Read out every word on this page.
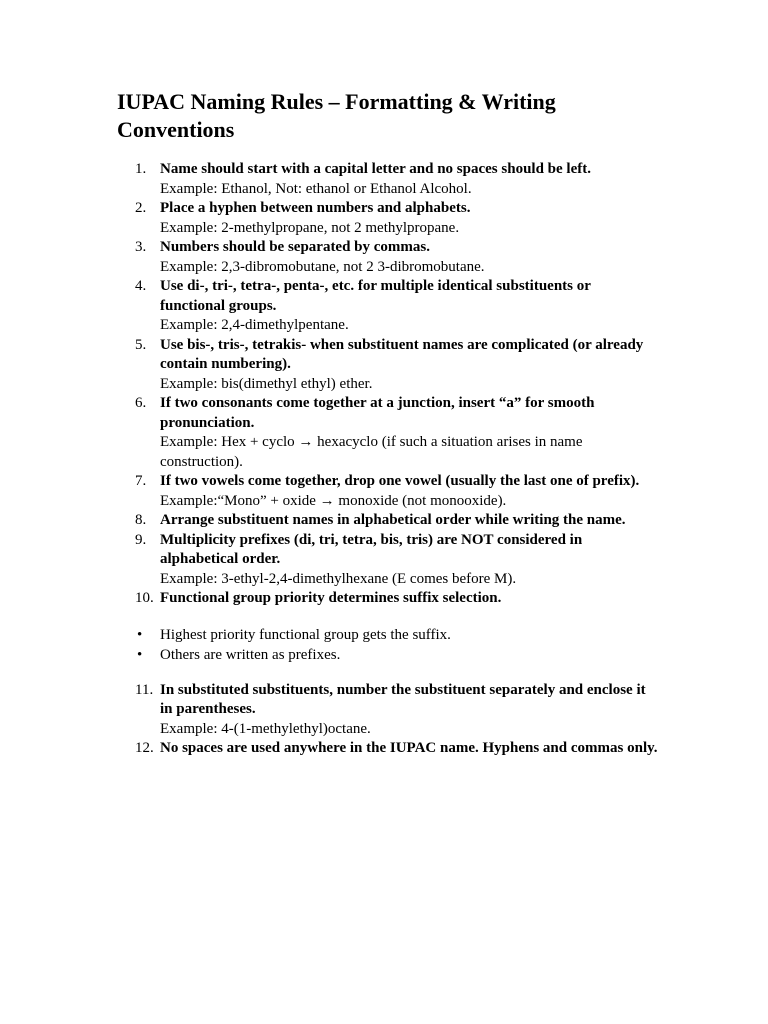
IUPAC Naming Rules – Formatting & Writing Conventions
1. Name should start with a capital letter and no spaces should be left.
Example: Ethanol, Not: ethanol or Ethanol Alcohol.
2. Place a hyphen between numbers and alphabets.
Example: 2-methylpropane, not 2 methylpropane.
3. Numbers should be separated by commas.
Example: 2,3-dibromobutane, not 2 3-dibromobutane.
4. Use di-, tri-, tetra-, penta-, etc. for multiple identical substituents or functional groups.
Example: 2,4-dimethylpentane.
5. Use bis-, tris-, tetrakis- when substituent names are complicated (or already contain numbering).
Example: bis(dimethyl ethyl) ether.
6. If two consonants come together at a junction, insert “a” for smooth pronunciation.
Example: Hex + cyclo → hexacyclo (if such a situation arises in name construction).
7. If two vowels come together, drop one vowel (usually the last one of prefix).
Example:“Mono” + oxide → monoxide (not monooxide).
8. Arrange substituent names in alphabetical order while writing the name.
9. Multiplicity prefixes (di, tri, tetra, bis, tris) are NOT considered in alphabetical order.
Example: 3-ethyl-2,4-dimethylhexane (E comes before M).
10. Functional group priority determines suffix selection.
• Highest priority functional group gets the suffix.
• Others are written as prefixes.
11. In substituted substituents, number the substituent separately and enclose it in parentheses.
Example: 4-(1-methylethyl)octane.
12. No spaces are used anywhere in the IUPAC name. Hyphens and commas only.
